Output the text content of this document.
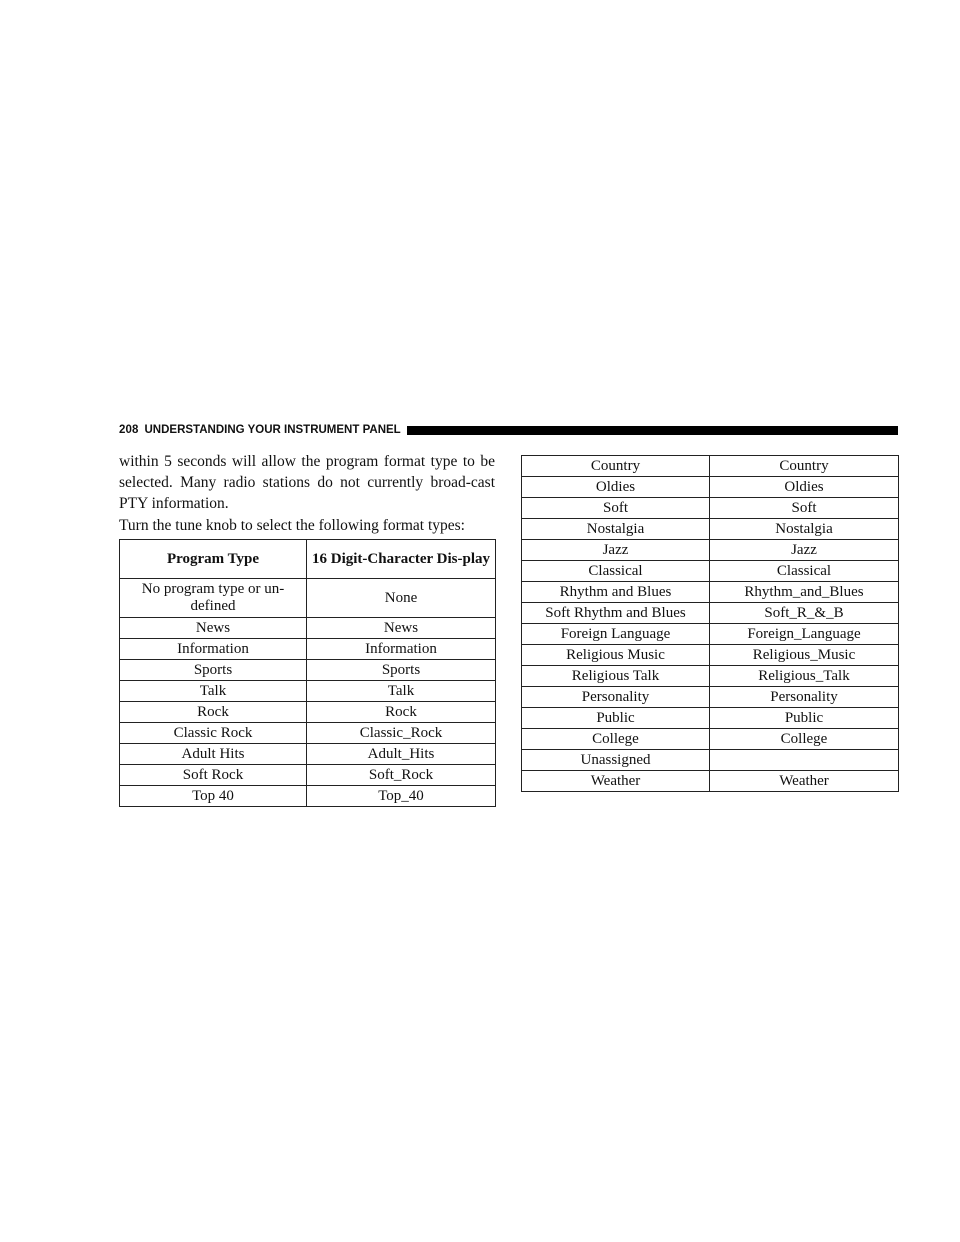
208 UNDERSTANDING YOUR INSTRUMENT PANEL

within 5 seconds will allow the program format type to be selected. Many radio stations do not currently broad-cast PTY information.

Turn the tune knob to select the following format types:

Program Type	16 Digit-Character Dis-play
No program type or un-defined	None
News	News
Information	Information
Sports	Sports
Talk	Talk
Rock	Rock
Classic Rock	Classic_Rock
Adult Hits	Adult_Hits
Soft Rock	Soft_Rock
Top 40	Top_40
Country	Country
Oldies	Oldies
Soft	Soft
Nostalgia	Nostalgia
Jazz	Jazz
Classical	Classical
Rhythm and Blues	Rhythm_and_Blues
Soft Rhythm and Blues	Soft_R_&_B
Foreign Language	Foreign_Language
Religious Music	Religious_Music
Religious Talk	Religious_Talk
Personality	Personality
Public	Public
College	College
Unassigned	
Weather	Weather
